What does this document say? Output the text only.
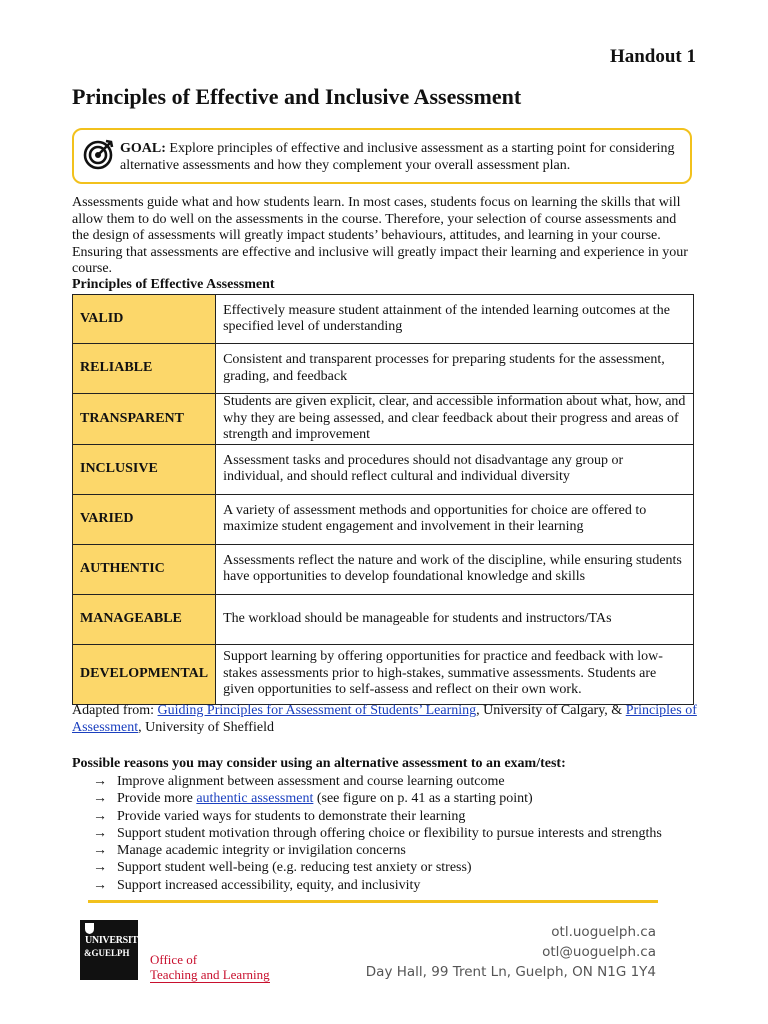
Handout 1
Principles of Effective and Inclusive Assessment
GOAL: Explore principles of effective and inclusive assessment as a starting point for considering alternative assessments and how they complement your overall assessment plan.
Assessments guide what and how students learn. In most cases, students focus on learning the skills that will allow them to do well on the assessments in the course. Therefore, your selection of course assessments and the design of assessments will greatly impact students’ behaviours, attitudes, and learning in your course. Ensuring that assessments are effective and inclusive will greatly impact their learning and experience in your course.
Principles of Effective Assessment
VALID	Effectively measure student attainment of the intended learning outcomes at the specified level of understanding
RELIABLE	Consistent and transparent processes for preparing students for the assessment, grading, and feedback
TRANSPARENT	Students are given explicit, clear, and accessible information about what, how, and why they are being assessed, and clear feedback about their progress and areas of strength and improvement
INCLUSIVE	Assessment tasks and procedures should not disadvantage any group or individual, and should reflect cultural and individual diversity
VARIED	A variety of assessment methods and opportunities for choice are offered to maximize student engagement and involvement in their learning
AUTHENTIC	Assessments reflect the nature and work of the discipline, while ensuring students have opportunities to develop foundational knowledge and skills
MANAGEABLE	The workload should be manageable for students and instructors/TAs
DEVELOPMENTAL	Support learning by offering opportunities for practice and feedback with low-stakes assessments prior to high-stakes, summative assessments. Students are given opportunities to self-assess and reflect on their own work.
Adapted from: Guiding Principles for Assessment of Students’ Learning, University of Calgary, & Principles of Assessment, University of Sheffield
Possible reasons you may consider using an alternative assessment to an exam/test:
→ Improve alignment between assessment and course learning outcome
→ Provide more authentic assessment (see figure on p. 41 as a starting point)
→ Provide varied ways for students to demonstrate their learning
→ Support student motivation through offering choice or flexibility to pursue interests and strengths
→ Manage academic integrity or invigilation concerns
→ Support student well-being (e.g. reducing test anxiety or stress)
→ Support increased accessibility, equity, and inclusivity
UNIVERSITY
&GUELPH Office of
Teaching and Learning
otl.uoguelph.ca
otl@uoguelph.ca
Day Hall, 99 Trent Ln, Guelph, ON N1G 1Y4
